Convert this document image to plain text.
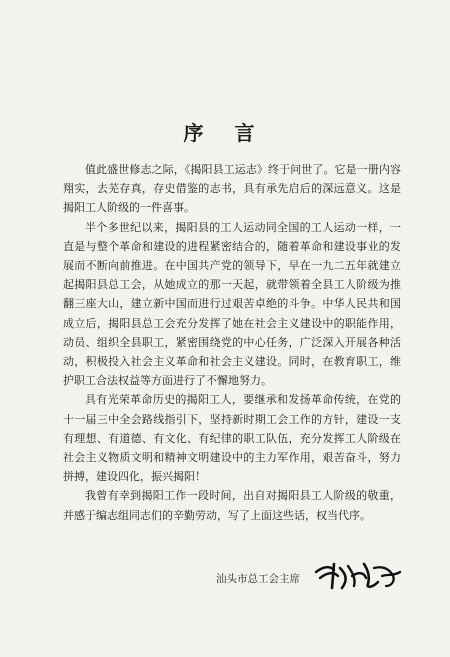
序 言

值此盛世修志之际，《揭阳县工运志》终于问世了。它是一册内容翔实，去芜存真，存史借鉴的志书，具有承先启后的深远意义。这是揭阳工人阶级的一件喜事。

半个多世纪以来，揭阳县的工人运动同全国的工人运动一样，一直是与整个革命和建设的进程紧密结合的，随着革命和建设事业的发展而不断向前推进。在中国共产党的领导下，早在一九二五年就建立起揭阳县总工会，从她成立的那一天起，就带领着全县工人阶级为推翻三座大山，建立新中国而进行过艰苦卓绝的斗争。中华人民共和国成立后，揭阳县总工会充分发挥了她在社会主义建设中的职能作用，动员、组织全县职工，紧密围绕党的中心任务，广泛深入开展各种活动，积极投入社会主义革命和社会主义建设。同时，在教育职工，维护职工合法权益等方面进行了不懈地努力。

具有光荣革命历史的揭阳工人，要继承和发扬革命传统，在党的十一届三中全会路线指引下，坚持新时期工会工作的方针，建设一支有理想、有道德、有文化、有纪律的职工队伍，充分发挥工人阶级在社会主义物质文明和精神文明建设中的主力军作用，艰苦奋斗，努力拼搏，建设四化，振兴揭阳！

我曾有幸到揭阳工作一段时间，出自对揭阳县工人阶级的敬重，并感于编志组同志们的辛勤劳动，写了上面这些话，权当代序。

汕头市总工会主席
